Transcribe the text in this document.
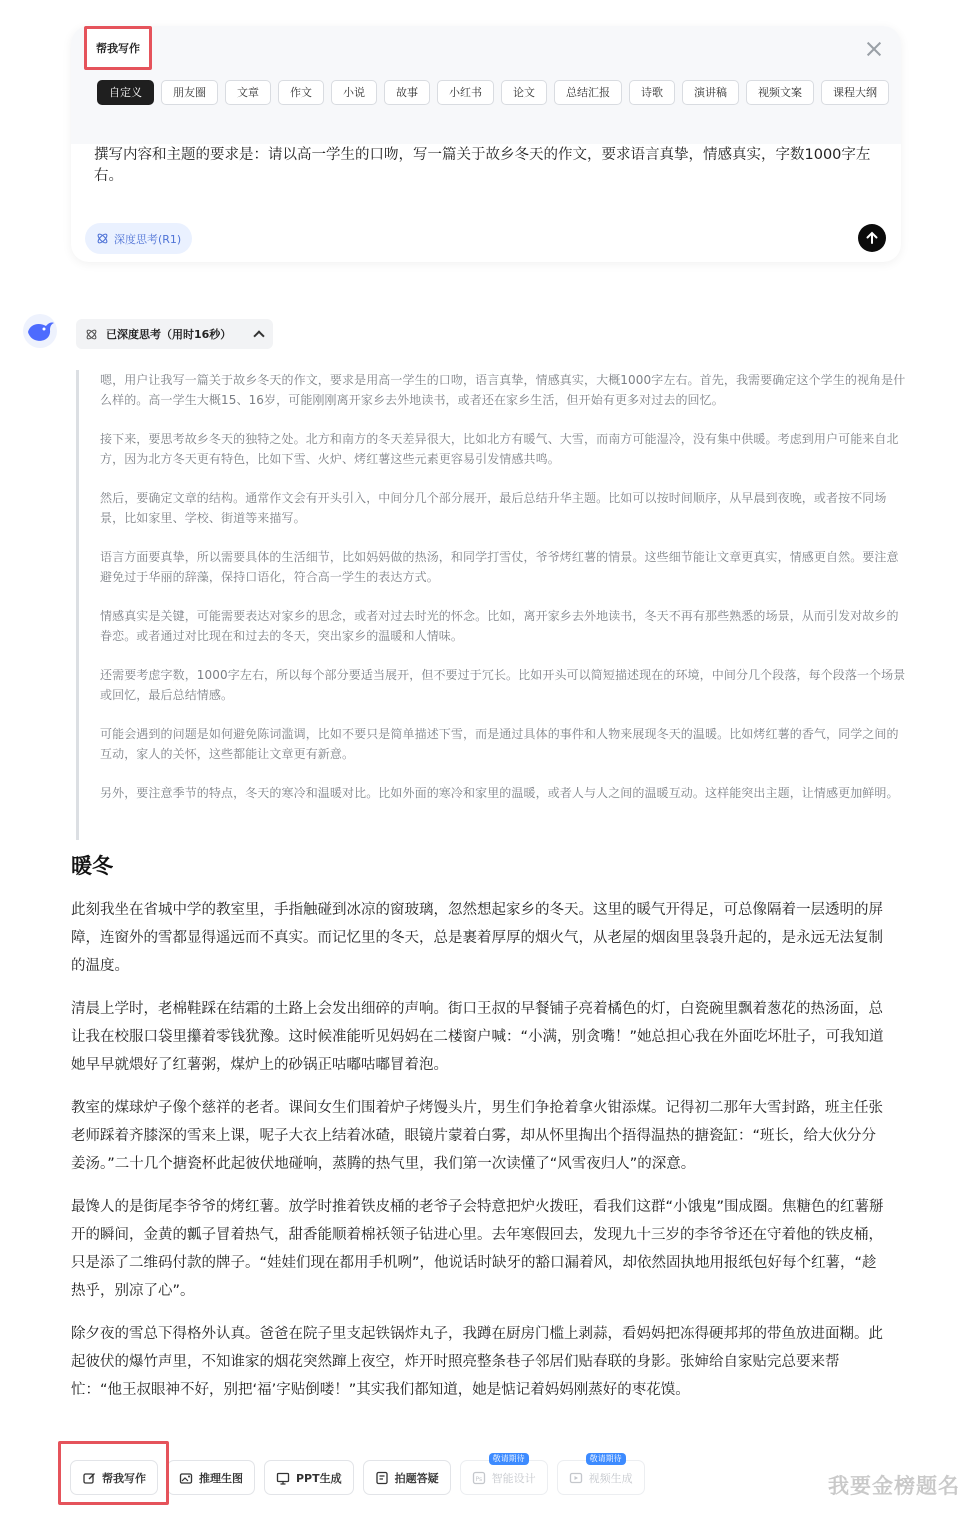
帮我写作
自定义	朋友圈	文章	作文	小说	故事	小红书	论文	总结汇报	诗歌	演讲稿	视频文案	课程大纲
撰写内容和主题的要求是：请以高一学生的口吻，写一篇关于故乡冬天的作文，要求语言真挚，情感真实，字数1000字左右。
深度思考(R1)
已深度思考（用时16秒）

嗯，用户让我写一篇关于故乡冬天的作文，要求是用高一学生的口吻，语言真挚，情感真实，大概1000字左右。首先，我需要确定这个学生的视角是什么样的。高一学生大概15、16岁，可能刚刚离开家乡去外地读书，或者还在家乡生活，但开始有更多对过去的回忆。

接下来，要思考故乡冬天的独特之处。北方和南方的冬天差异很大，比如北方有暖气、大雪，而南方可能湿冷，没有集中供暖。考虑到用户可能来自北方，因为北方冬天更有特色，比如下雪、火炉、烤红薯这些元素更容易引发情感共鸣。

然后，要确定文章的结构。通常作文会有开头引入，中间分几个部分展开，最后总结升华主题。比如可以按时间顺序，从早晨到夜晚，或者按不同场景，比如家里、学校、街道等来描写。

语言方面要真挚，所以需要具体的生活细节，比如妈妈做的热汤，和同学打雪仗，爷爷烤红薯的情景。这些细节能让文章更真实，情感更自然。要注意避免过于华丽的辞藻，保持口语化，符合高一学生的表达方式。

情感真实是关键，可能需要表达对家乡的思念，或者对过去时光的怀念。比如，离开家乡去外地读书，冬天不再有那些熟悉的场景，从而引发对故乡的眷恋。或者通过对比现在和过去的冬天，突出家乡的温暖和人情味。

还需要考虑字数，1000字左右，所以每个部分要适当展开，但不要过于冗长。比如开头可以简短描述现在的环境，中间分几个段落，每个段落一个场景或回忆，最后总结情感。

可能会遇到的问题是如何避免陈词滥调，比如不要只是简单描述下雪，而是通过具体的事件和人物来展现冬天的温暖。比如烤红薯的香气，同学之间的互动，家人的关怀，这些都能让文章更有新意。

另外，要注意季节的特点，冬天的寒冷和温暖对比。比如外面的寒冷和家里的温暖，或者人与人之间的温暖互动。这样能突出主题，让情感更加鲜明。

暖冬

此刻我坐在省城中学的教室里，手指触碰到冰凉的窗玻璃，忽然想起家乡的冬天。这里的暖气开得足，可总像隔着一层透明的屏障，连窗外的雪都显得遥远而不真实。而记忆里的冬天，总是裹着厚厚的烟火气，从老屋的烟囱里袅袅升起的，是永远无法复制的温度。

清晨上学时，老棉鞋踩在结霜的土路上会发出细碎的声响。街口王叔的早餐铺子亮着橘色的灯，白瓷碗里飘着葱花的热汤面，总让我在校服口袋里攥着零钱犹豫。这时候准能听见妈妈在二楼窗户喊：“小满，别贪嘴！”她总担心我在外面吃坏肚子，可我知道她早早就煨好了红薯粥，煤炉上的砂锅正咕嘟咕嘟冒着泡。

教室的煤球炉子像个慈祥的老者。课间女生们围着炉子烤馒头片，男生们争抢着拿火钳添煤。记得初二那年大雪封路，班主任张老师踩着齐膝深的雪来上课，呢子大衣上结着冰碴，眼镜片蒙着白雾，却从怀里掏出个捂得温热的搪瓷缸：“班长，给大伙分分姜汤。”二十几个搪瓷杯此起彼伏地碰响，蒸腾的热气里，我们第一次读懂了“风雪夜归人”的深意。

最馋人的是街尾李爷爷的烤红薯。放学时推着铁皮桶的老爷子会特意把炉火拨旺，看我们这群“小饿鬼”围成圈。焦糖色的红薯掰开的瞬间，金黄的瓤子冒着热气，甜香能顺着棉袄领子钻进心里。去年寒假回去，发现九十三岁的李爷爷还在守着他的铁皮桶，只是添了二维码付款的牌子。“娃娃们现在都用手机咧”，他说话时缺牙的豁口漏着风，却依然固执地用报纸包好每个红薯，“趁热乎，别凉了心”。

除夕夜的雪总下得格外认真。爸爸在院子里支起铁锅炸丸子，我蹲在厨房门槛上剥蒜，看妈妈把冻得硬邦邦的带鱼放进面糊。此起彼伏的爆竹声里，不知谁家的烟花突然蹿上夜空，炸开时照亮整条巷子邻居们贴春联的身影。张婶给自家贴完总要来帮忙：“他王叔眼神不好，别把‘福’字贴倒喽！”其实我们都知道，她是惦记着妈妈刚蒸好的枣花馍。

帮我写作	推理生图	PPT生成	拍题答疑	Ps 智能设计
敬请期待
视频生成
敬请期待
我要金榜题名
